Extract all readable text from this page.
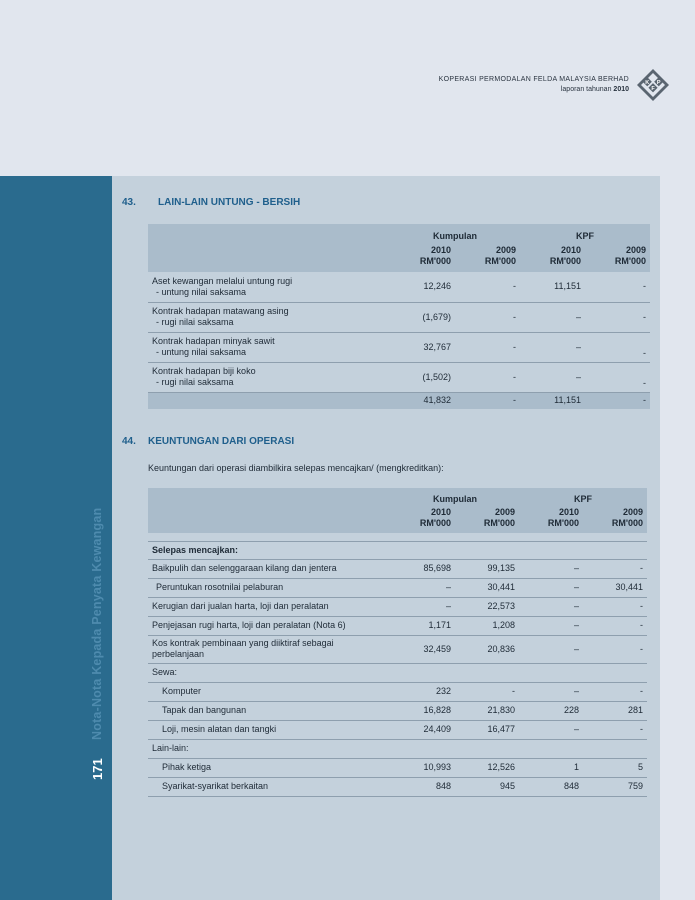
KOPERASI PERMODALAN FELDA MALAYSIA BERHAD
laporan tahunan 2010
K P
F
Nota-Nota Kepada Penyata Kewangan
171
43. LAIN-LAIN UNTUNG - BERSIH
	Kumpulan		KPF	
	2010	2009	2010	2009
	RM'000	RM'000	RM'000	RM'000

Aset kewangan melalui untung rugi
- untung nilai saksama	12,246	-	11,151	-

Kontrak hadapan matawang asing
- rugi nilai saksama	(1,679)	-	–	-

Kontrak hadapan minyak sawit
- untung nilai saksama	32,767	-	–	-

Kontrak hadapan biji koko
- rugi nilai saksama	(1,502)	-	–	-
	41,832	-	11,151	-
44. KEUNTUNGAN DARI OPERASI
Keuntungan dari operasi diambilkira selepas mencajkan/ (mengkreditkan):
	Kumpulan		KPF	
	2010	2009	2010	2009
	RM'000	RM'000	RM'000	RM'000

Selepas mencajkan:				
Baikpulih dan selenggaraan kilang dan jentera	85,698	99,135	–	-
Peruntukan rosotnilai pelaburan	–	30,441	–	30,441
Kerugian dari jualan harta, loji dan peralatan	–	22,573	–	-
Penjejasan rugi harta, loji dan peralatan (Nota 6)	1,171	1,208	–	-

Kos kontrak pembinaan yang diiktiraf sebagai
perbelanjaan	32,459	20,836	–	-
Sewa:				
Komputer	232	-	–	-
Tapak dan bangunan	16,828	21,830	228	281
Loji, mesin alatan dan tangki	24,409	16,477	–	-
Lain-lain:				
Pihak ketiga	10,993	12,526	1	5
Syarikat-syarikat berkaitan	848	945	848	759
